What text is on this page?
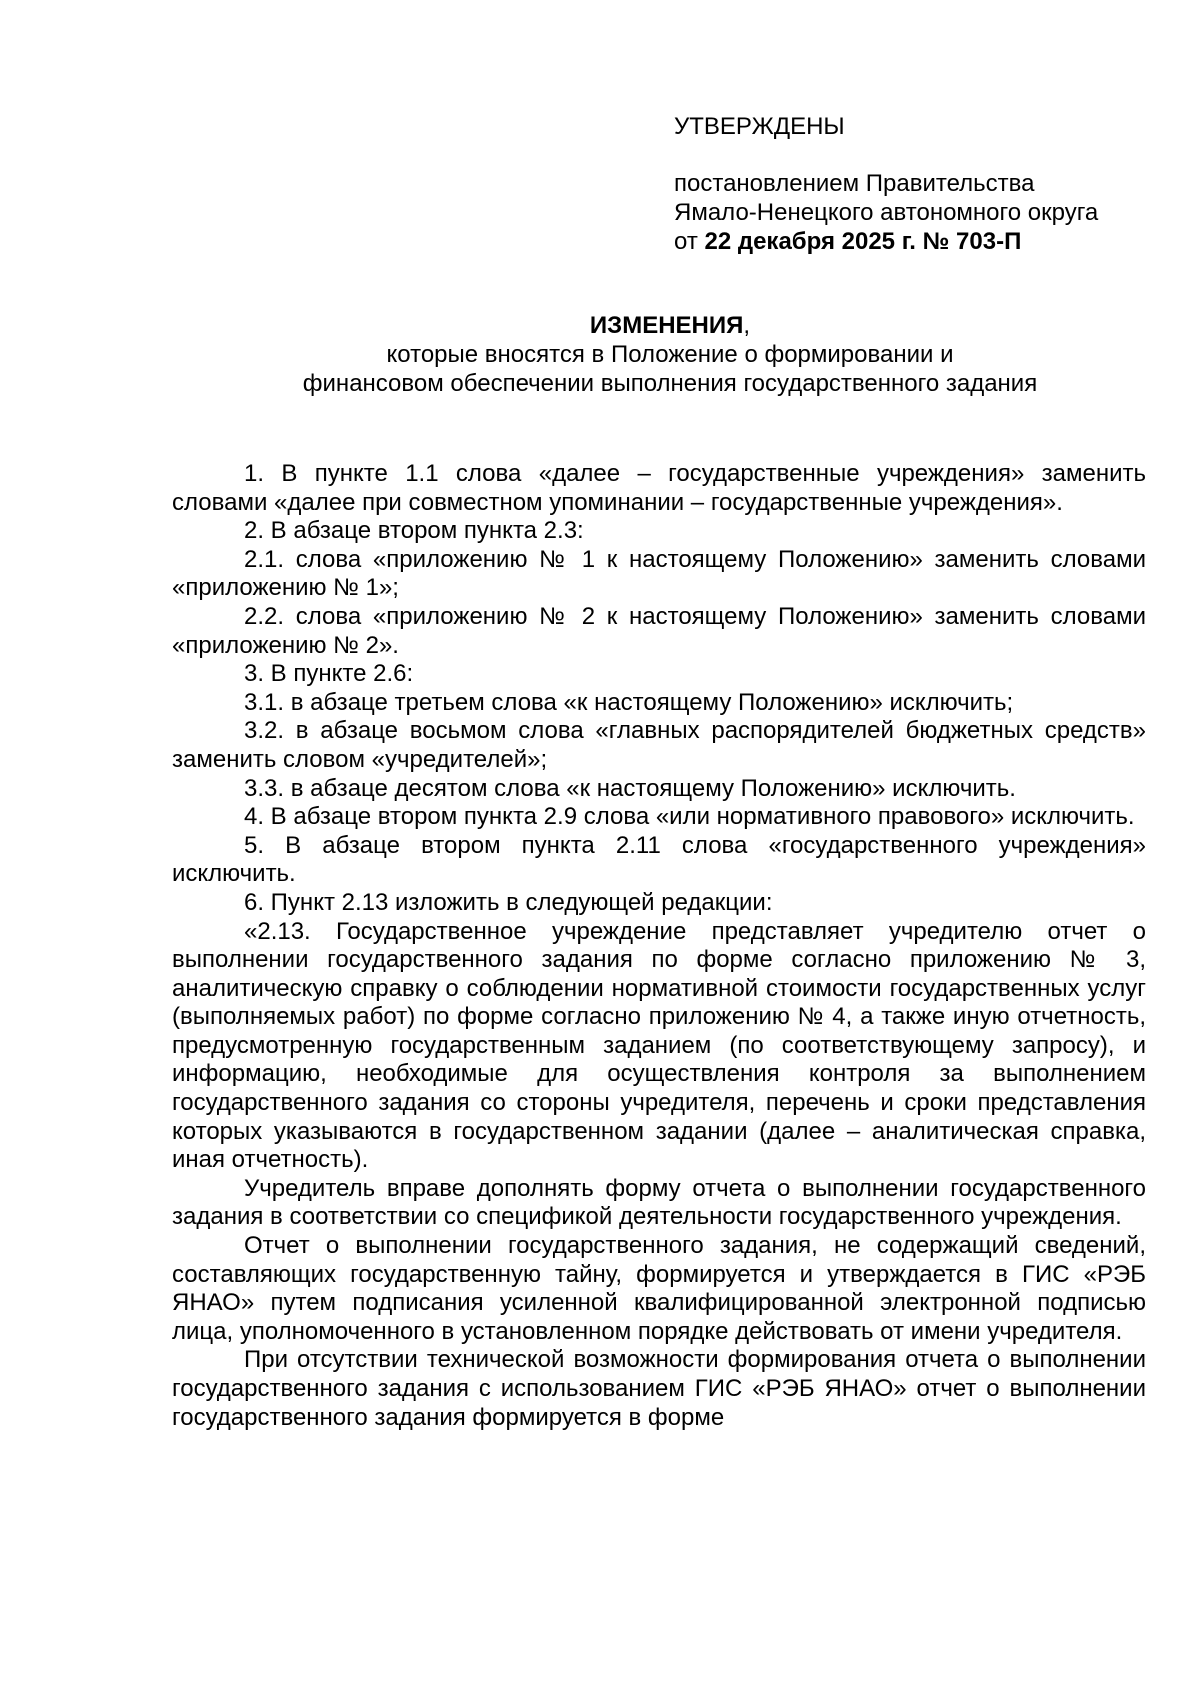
УТВЕРЖДЕНЫ
постановлением Правительства
Ямало-Ненецкого автономного округа
от 22 декабря 2025 г. № 703-П
ИЗМЕНЕНИЯ,
которые вносятся в Положение о формировании и
финансовом обеспечении выполнения государственного задания

1. В пункте 1.1 слова «далее – государственные учреждения» заменить словами «далее при совместном упоминании – государственные учреждения».

2. В абзаце втором пункта 2.3:

2.1. слова «приложению № 1 к настоящему Положению» заменить словами «приложению № 1»;

2.2. слова «приложению № 2 к настоящему Положению» заменить словами «приложению № 2».

3. В пункте 2.6:

3.1. в абзаце третьем слова «к настоящему Положению» исключить;

3.2. в абзаце восьмом слова «главных распорядителей бюджетных средств» заменить словом «учредителей»;

3.3. в абзаце десятом слова «к настоящему Положению» исключить.

4. В абзаце втором пункта 2.9 слова «или нормативного правового» исключить.

5. В абзаце втором пункта 2.11 слова «государственного учреждения» исключить.

6. Пункт 2.13 изложить в следующей редакции:

«2.13. Государственное учреждение представляет учредителю отчет о выполнении государственного задания по форме согласно приложению № 3, аналитическую справку о соблюдении нормативной стоимости государственных услуг (выполняемых работ) по форме согласно приложению № 4, а также иную отчетность, предусмотренную государственным заданием (по соответствующему запросу), и информацию, необходимые для осуществления контроля за выполнением государственного задания со стороны учредителя, перечень и сроки представления которых указываются в государственном задании (далее – аналитическая справка, иная отчетность).

Учредитель вправе дополнять форму отчета о выполнении государственного задания в соответствии со спецификой деятельности государственного учреждения.

Отчет о выполнении государственного задания, не содержащий сведений, составляющих государственную тайну, формируется и утверждается в ГИС «РЭБ ЯНАО» путем подписания усиленной квалифицированной электронной подписью лица, уполномоченного в установленном порядке действовать от имени учредителя.

При отсутствии технической возможности формирования отчета о выполнении государственного задания с использованием ГИС «РЭБ ЯНАО» отчет о выполнении государственного задания формируется в форме
